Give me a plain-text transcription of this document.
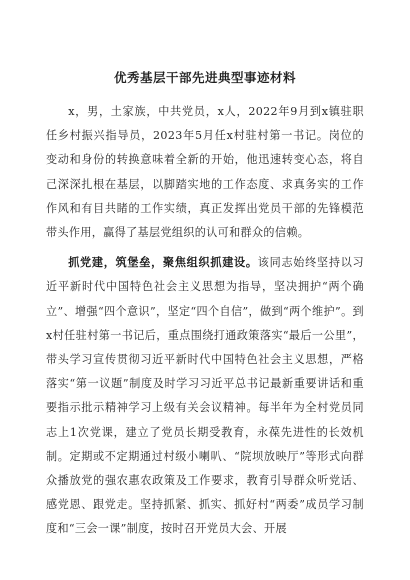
优秀基层干部先进典型事迹材料

x，男，土家族，中共党员，x人，2022年9月到x镇驻职任乡村振兴指导员，2023年5月任x村驻村第一书记。岗位的变动和身份的转换意味着全新的开始，他迅速转变心态，将自己深深扎根在基层，以脚踏实地的工作态度、求真务实的工作作风和有目共睹的工作实绩，真正发挥出党员干部的先锋模范带头作用，赢得了基层党组织的认可和群众的信赖。

抓党建，筑堡垒，聚焦组织抓建设。该同志始终坚持以习近平新时代中国特色社会主义思想为指导，坚决拥护“两个确立”、增强“四个意识”，坚定“四个自信”，做到“两个维护”。到x村任驻村第一书记后，重点围绕打通政策落实“最后一公里”，带头学习宣传贯彻习近平新时代中国特色社会主义思想，严格落实“第一议题”制度及时学习习近平总书记最新重要讲话和重要指示批示精神学习上级有关会议精神。每半年为全村党员同志上1次党课，建立了党员长期受教育，永葆先进性的长效机制。定期或不定期通过村级小喇叭、“院坝放映厅”等形式向群众播放党的强农惠农政策及工作要求，教育引导群众听党话、感党恩、跟党走。坚持抓紧、抓实、抓好村“两委”成员学习制度和“三会一课”制度，按时召开党员大会、开展
